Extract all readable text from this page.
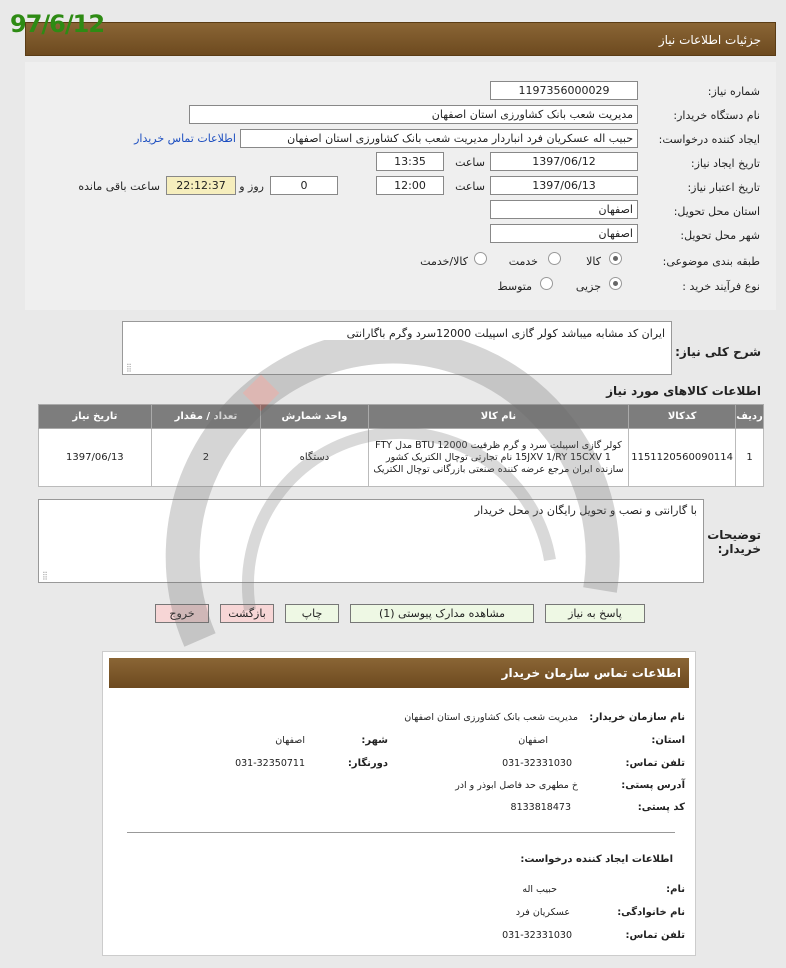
جزئیات اطلاعات نیاز
97/6/12
شماره نیاز:
1197356000029
نام دستگاه خریدار:
مدیریت شعب بانک کشاورزی استان اصفهان
ایجاد کننده درخواست:
حبیب اله عسکریان فرد انباردار مدیریت شعب بانک کشاورزی استان اصفهان
اطلاعات تماس خریدار
تاریخ ایجاد نیاز:
1397/06/12
ساعت
13:35
تاریخ اعتبار نیاز:
1397/06/13
ساعت
12:00
0
روز و
22:12:37
ساعت باقی مانده
استان محل تحویل:
اصفهان
شهر محل تحویل:
اصفهان
طبقه بندی موضوعی:
کالا
خدمت
کالا/خدمت
نوع فرآیند خرید :
جزیی
متوسط
شرح کلی نیاز:
ایران کد مشابه میباشد کولر گازی اسپیلت 12000سرد وگرم باگارانتی
⣿
اطلاعات کالاهای مورد نیاز
ردیف	کدکالا	نام کالا	واحد شمارش	تعداد / مقدار	تاریخ نیاز
1	1151120560090114	کولر گازی اسپیلت سرد و گرم ظرفیت BTU 12000 مدل FTY 15JXV 1/RY 15CXV 1 نام تجارتی توچال الکتریک کشور سازنده ایران مرجع عرضه کننده صنعتی بازرگانی توچال الکتریک	دستگاه	2	1397/06/13
توضیحات خریدار:
با گارانتی و نصب و تحویل رایگان در محل خریدار
⣿
پاسخ به نیاز
مشاهده مدارک پیوستی (1)
چاپ
بازگشت
خروج
اطلاعات تماس سازمان خریدار
نام سازمان خریدار:
مدیریت شعب بانک کشاورزی استان اصفهان
استان:
اصفهان
شهر:
اصفهان
تلفن تماس:
031-32331030
دورنگار:
031-32350711
آدرس پستی:
خ مطهری حد فاصل ابوذر و ادر
کد پستی:
8133818473
اطلاعات ایجاد کننده درخواست:
نام:
حبیب اله
نام خانوادگی:
عسکریان فرد
تلفن تماس:
031-32331030
